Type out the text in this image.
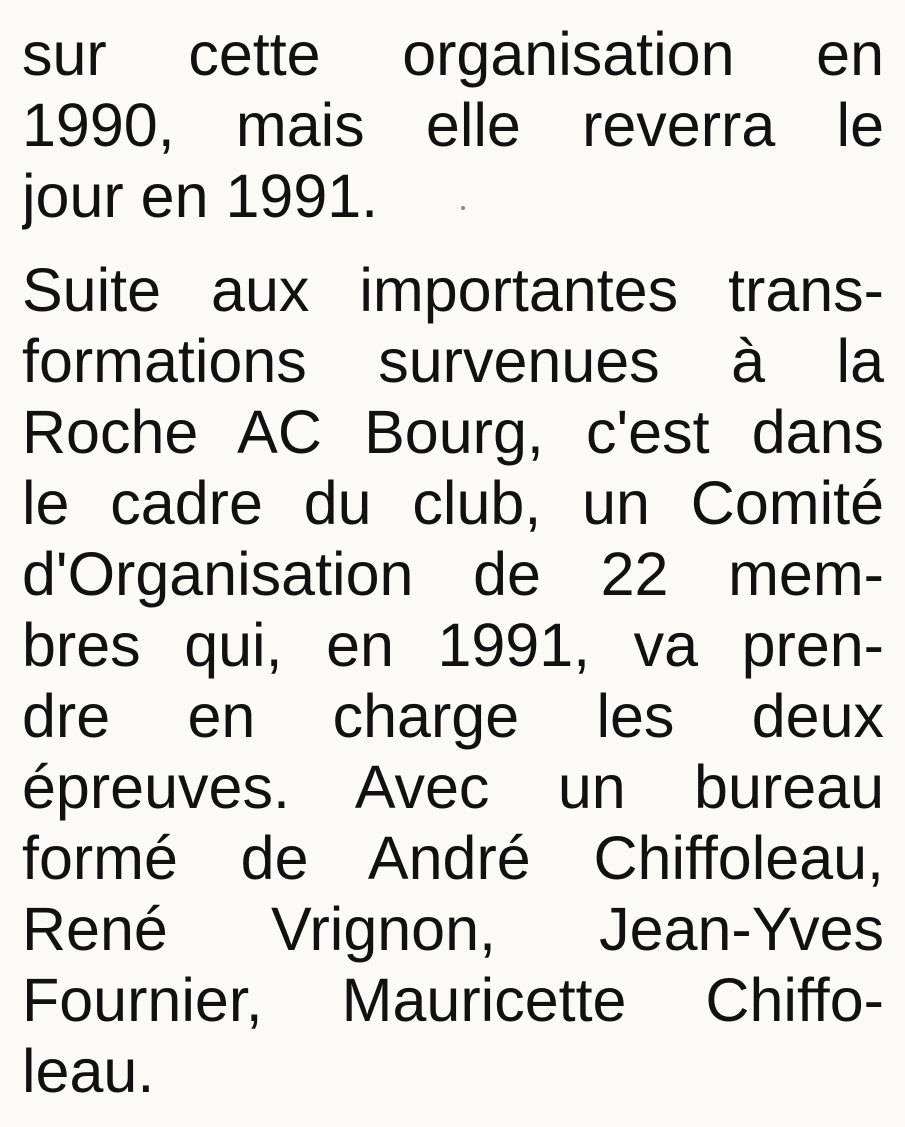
sur cette organisation en
1990, mais elle reverra le
jour en 1991.
Suite aux importantes trans-
formations survenues à la
Roche AC Bourg, c'est dans
le cadre du club, un Comité
d'Organisation de 22 mem-
bres qui, en 1991, va pren-
dre en charge les deux
épreuves. Avec un bureau
formé de André Chiffoleau,
René Vrignon, Jean-Yves
Fournier, Mauricette Chiffo-
leau.
